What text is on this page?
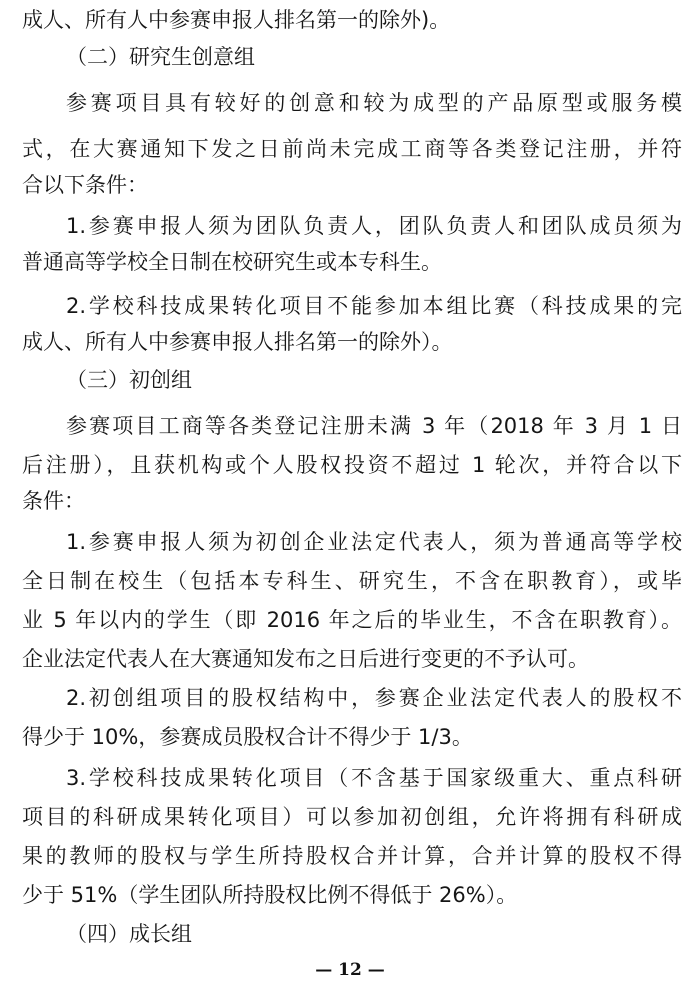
成人、所有人中参赛申报人排名第一的除外)。
（二）研究生创意组
参赛项目具有较好的创意和较为成型的产品原型或服务模
式，在大赛通知下发之日前尚未完成工商等各类登记注册，并符
合以下条件：
1.参赛申报人须为团队负责人，团队负责人和团队成员须为
普通高等学校全日制在校研究生或本专科生。
2.学校科技成果转化项目不能参加本组比赛（科技成果的完
成人、所有人中参赛申报人排名第一的除外）。
（三）初创组
参赛项目工商等各类登记注册未满 3 年（2018 年 3 月 1 日
后注册），且获机构或个人股权投资不超过 1 轮次，并符合以下
条件：
1.参赛申报人须为初创企业法定代表人，须为普通高等学校
全日制在校生（包括本专科生、研究生，不含在职教育），或毕
业 5 年以内的学生（即 2016 年之后的毕业生，不含在职教育）。
企业法定代表人在大赛通知发布之日后进行变更的不予认可。
2.初创组项目的股权结构中，参赛企业法定代表人的股权不
得少于 10%，参赛成员股权合计不得少于 1/3。
3.学校科技成果转化项目（不含基于国家级重大、重点科研
项目的科研成果转化项目）可以参加初创组，允许将拥有科研成
果的教师的股权与学生所持股权合并计算，合并计算的股权不得
少于 51%（学生团队所持股权比例不得低于 26%）。
（四）成长组
— 12 —
